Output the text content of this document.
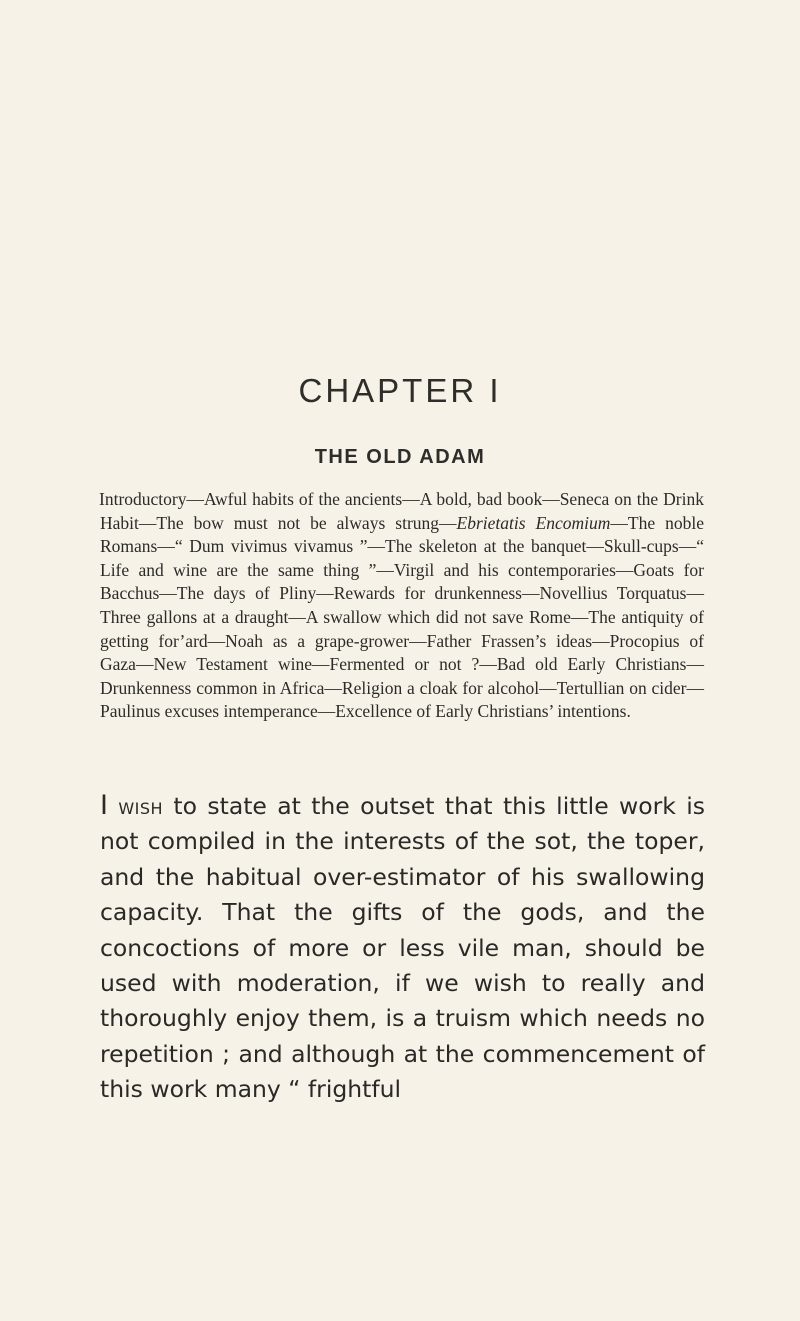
CHAPTER I
THE OLD ADAM

Introductory—Awful habits of the ancients—A bold, bad book—Seneca on the Drink Habit—The bow must not be always strung—Ebrietatis Encomium—The noble Romans—“ Dum vivimus vivamus ”—The skeleton at the banquet—Skull-cups—“ Life and wine are the same thing ”—Virgil and his contemporaries—Goats for Bacchus—The days of Pliny—Rewards for drunkenness—Novellius Torquatus—Three gallons at a draught—A swallow which did not save Rome—The antiquity of getting for’ard—Noah as a grape-grower—Father Frassen’s ideas—Procopius of Gaza—New Testament wine—Fermented or not ?—Bad old Early Christians—Drunkenness common in Africa—Religion a cloak for alcohol—Tertullian on cider—Paulinus excuses intemperance—Excellence of Early Christians’ intentions.

I wish to state at the outset that this little work is not compiled in the interests of the sot, the toper, and the habitual over-estimator of his swallowing capacity. That the gifts of the gods, and the concoctions of more or less vile man, should be used with moderation, if we wish to really and thoroughly enjoy them, is a truism which needs no repetition ; and although at the commencement of this work many “ frightful
